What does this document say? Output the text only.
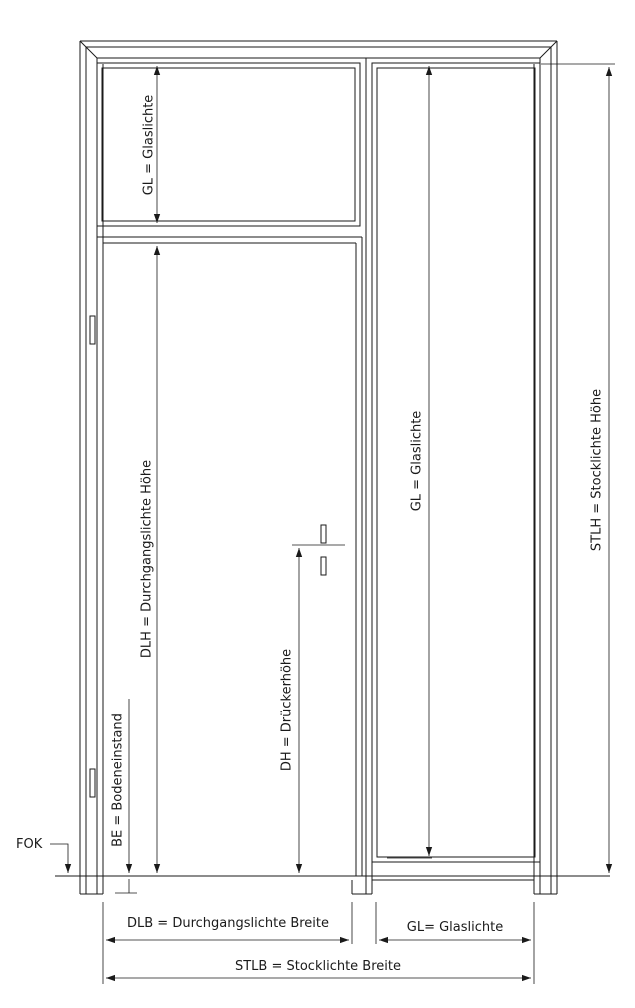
GL = Glaslichte
GL = Glaslichte
DLH = Durchgangslichte Höhe	STLH = Stocklichte Höhe
DH = Drückerhöhe
BE = Bodeneinstand
FOK
DLB = Durchgangslichte Breite	GL= Glaslichte
STLB = Stocklichte Breite
